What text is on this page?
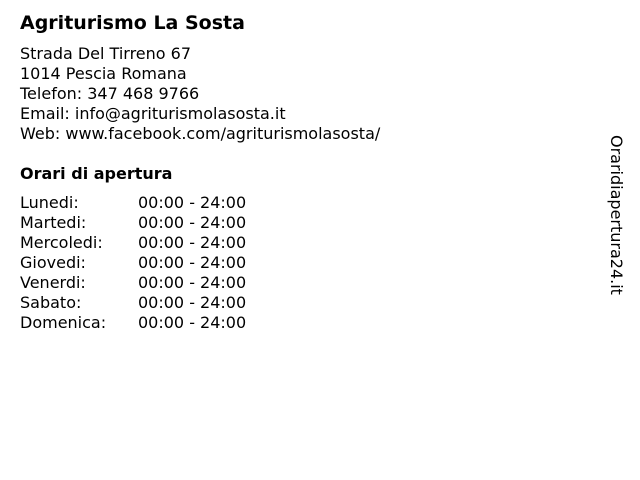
Agriturismo La Sosta
Strada Del Tirreno 67
1014 Pescia Romana
Telefon: 347 468 9766
Email: info@agriturismolasosta.it
Web: www.facebook.com/agriturismolasosta/
Orari di apertura
Lunedi:	00:00 - 24:00
Martedi:	00:00 - 24:00
Mercoledi:	00:00 - 24:00
Giovedi:	00:00 - 24:00
Venerdi:	00:00 - 24:00
Sabato:	00:00 - 24:00
Domenica:	00:00 - 24:00
Oraridiapertura24.it
